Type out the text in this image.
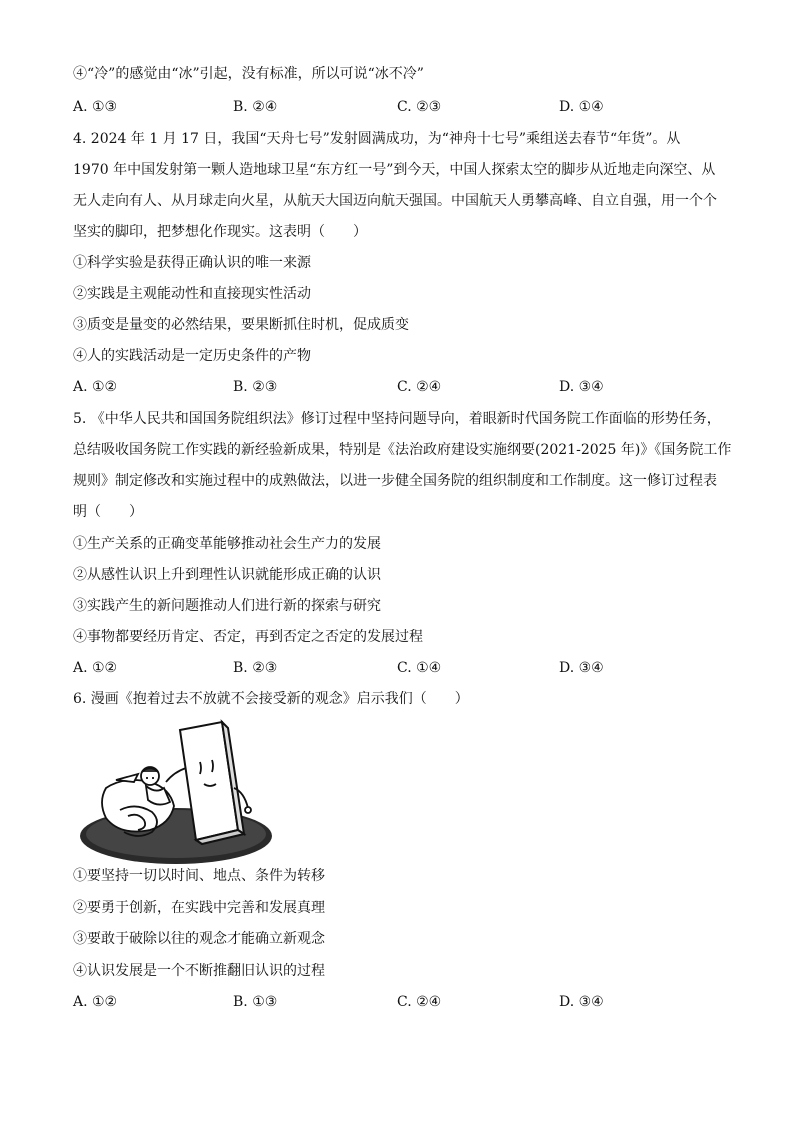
④“冷”的感觉由“冰”引起，没有标准，所以可说“冰不冷”
A. ①③	B. ②④	C. ②③	D. ①④
4. 2024 年 1 月 17 日，我国“天舟七号”发射圆满成功，为“神舟十七号”乘组送去春节“年货”。从
1970 年中国发射第一颗人造地球卫星“东方红一号”到今天，中国人探索太空的脚步从近地走向深空、从
无人走向有人、从月球走向火星，从航天大国迈向航天强国。中国航天人勇攀高峰、自立自强，用一个个
坚实的脚印，把梦想化作现实。这表明（　　）
①科学实验是获得正确认识的唯一来源
②实践是主观能动性和直接现实性活动
③质变是量变的必然结果，要果断抓住时机，促成质变
④人的实践活动是一定历史条件的产物
A. ①②	B. ②③	C. ②④	D. ③④
5. 《中华人民共和国国务院组织法》修订过程中坚持问题导向，着眼新时代国务院工作面临的形势任务，
总结吸收国务院工作实践的新经验新成果，特别是《法治政府建设实施纲要(2021-2025 年)》《国务院工作
规则》制定修改和实施过程中的成熟做法，以进一步健全国务院的组织制度和工作制度。这一修订过程表
明（　　）
①生产关系的正确变革能够推动社会生产力的发展
②从感性认识上升到理性认识就能形成正确的认识
③实践产生的新问题推动人们进行新的探索与研究
④事物都要经历肯定、否定，再到否定之否定的发展过程
A. ①②	B. ②③	C. ①④	D. ③④
6. 漫画《抱着过去不放就不会接受新的观念》启示我们（　　）
①要坚持一切以时间、地点、条件为转移
②要勇于创新，在实践中完善和发展真理
③要敢于破除以往的观念才能确立新观念
④认识发展是一个不断推翻旧认识的过程
A. ①②	B. ①③	C. ②④	D. ③④
